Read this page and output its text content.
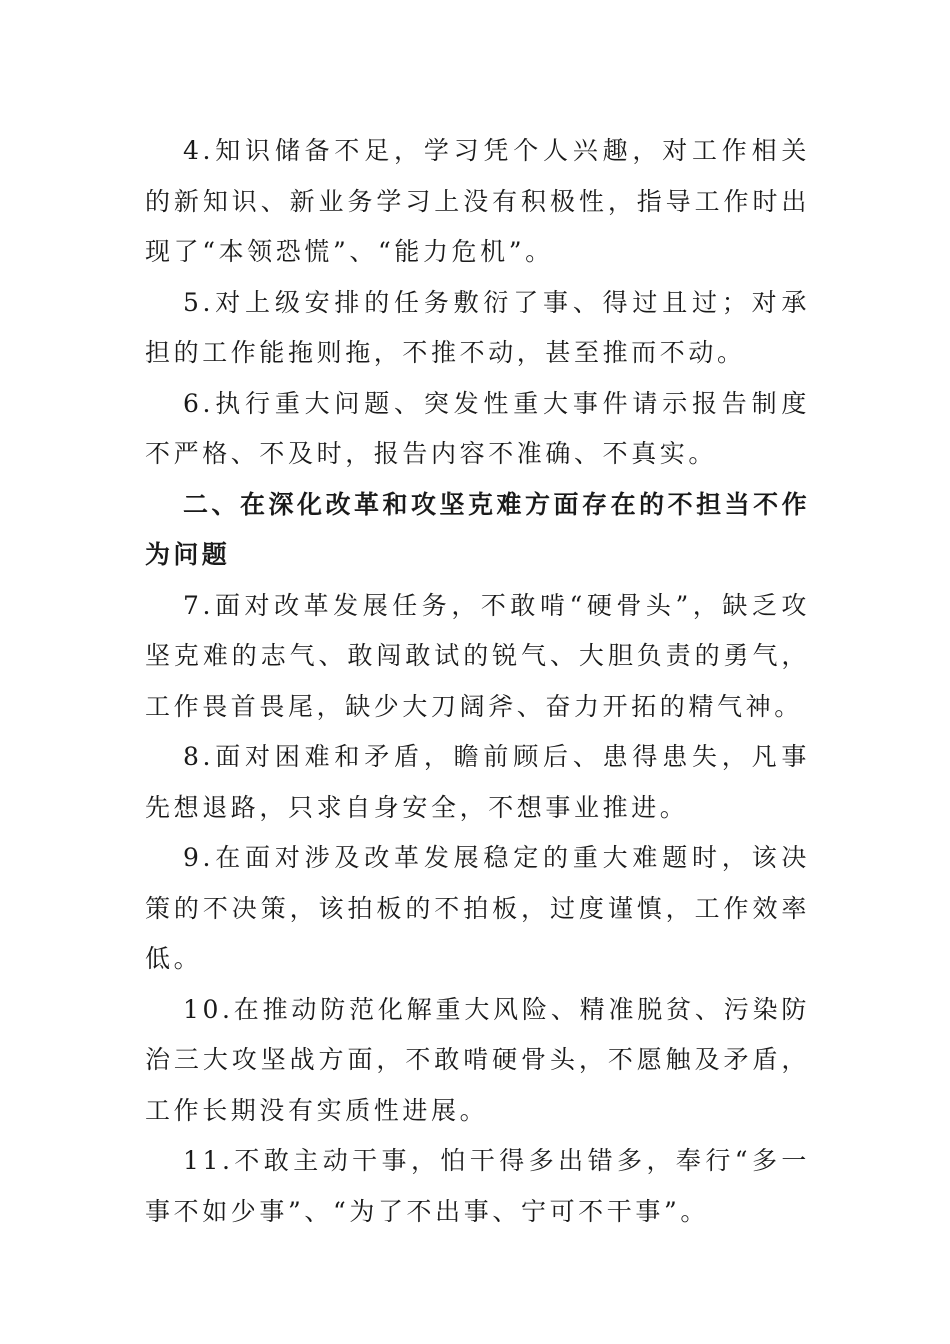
4.知识储备不足，学习凭个人兴趣，对工作相关的新知识、新业务学习上没有积极性，指导工作时出现了“本领恐慌”、“能力危机”。

5.对上级安排的任务敷衍了事、得过且过；对承担的工作能拖则拖，不推不动，甚至推而不动。

6.执行重大问题、突发性重大事件请示报告制度不严格、不及时，报告内容不准确、不真实。

二、在深化改革和攻坚克难方面存在的不担当不作为问题

7.面对改革发展任务，不敢啃“硬骨头”，缺乏攻坚克难的志气、敢闯敢试的锐气、大胆负责的勇气，工作畏首畏尾，缺少大刀阔斧、奋力开拓的精气神。

8.面对困难和矛盾，瞻前顾后、患得患失，凡事先想退路，只求自身安全，不想事业推进。

9.在面对涉及改革发展稳定的重大难题时，该决策的不决策，该拍板的不拍板，过度谨慎，工作效率低。

10.在推动防范化解重大风险、精准脱贫、污染防治三大攻坚战方面，不敢啃硬骨头，不愿触及矛盾，工作长期没有实质性进展。

11.不敢主动干事，怕干得多出错多，奉行“多一事不如少事”、“为了不出事、宁可不干事”。
